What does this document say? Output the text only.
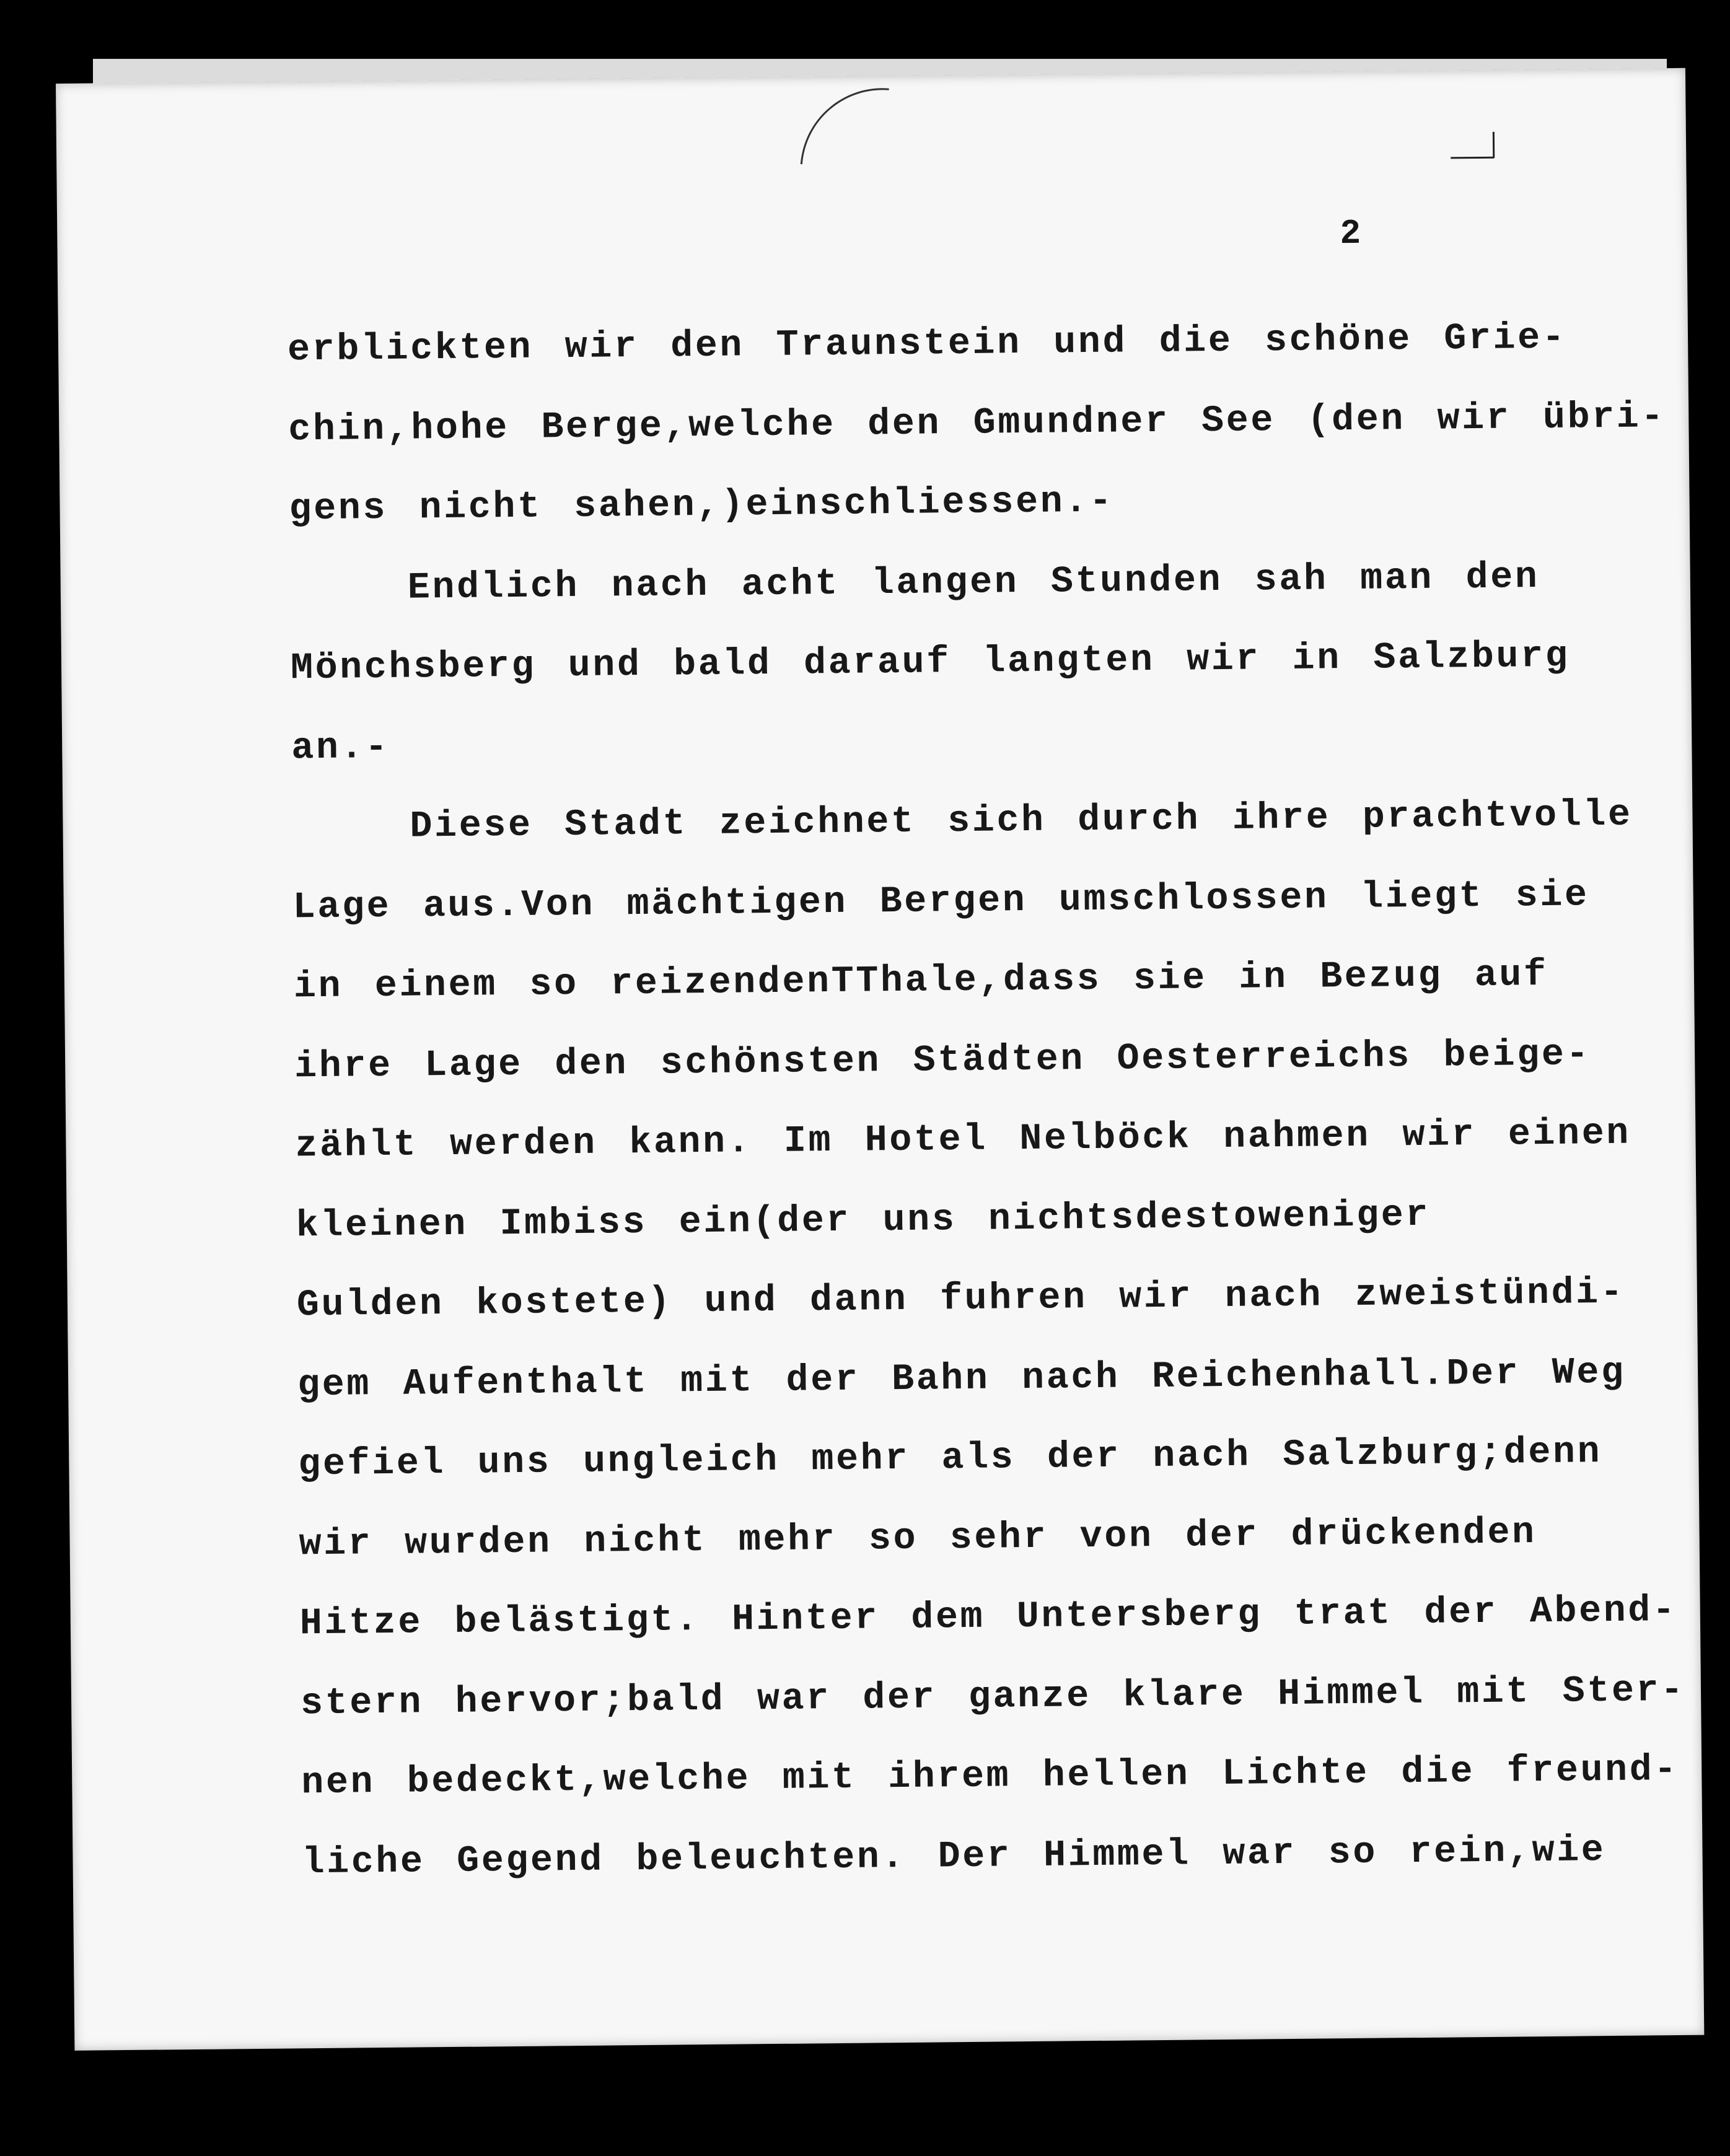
2
erblickten wir den Traunstein und die schöne Grie-
chin,hohe Berge,welche den Gmundner See (den wir übri-
gens nicht sahen,)einschliessen.-
Endlich nach acht langen Stunden sah man den
Mönchsberg und bald darauf langten wir in Salzburg
an.-
Diese Stadt zeichnet sich durch ihre prachtvolle
Lage aus.Von mächtigen Bergen umschlossen liegt sie
in einem so reizendenTThale,dass sie in Bezug auf
ihre Lage den schönsten Städten Oesterreichs beige-
zählt werden kann. Im Hotel Nelböck nahmen wir einen
kleinen Imbiss ein(der uns nichtsdestoweniger
Gulden kostete) und dann fuhren wir nach zweistündi-
gem Aufenthalt mit der Bahn nach Reichenhall.Der Weg
gefiel uns ungleich mehr als der nach Salzburg;denn
wir wurden nicht mehr so sehr von der drückenden
Hitze belästigt. Hinter dem Untersberg trat der Abend-
stern hervor;bald war der ganze klare Himmel mit Ster-
nen bedeckt,welche mit ihrem hellen Lichte die freund-
liche Gegend beleuchten. Der Himmel war so rein,wie
